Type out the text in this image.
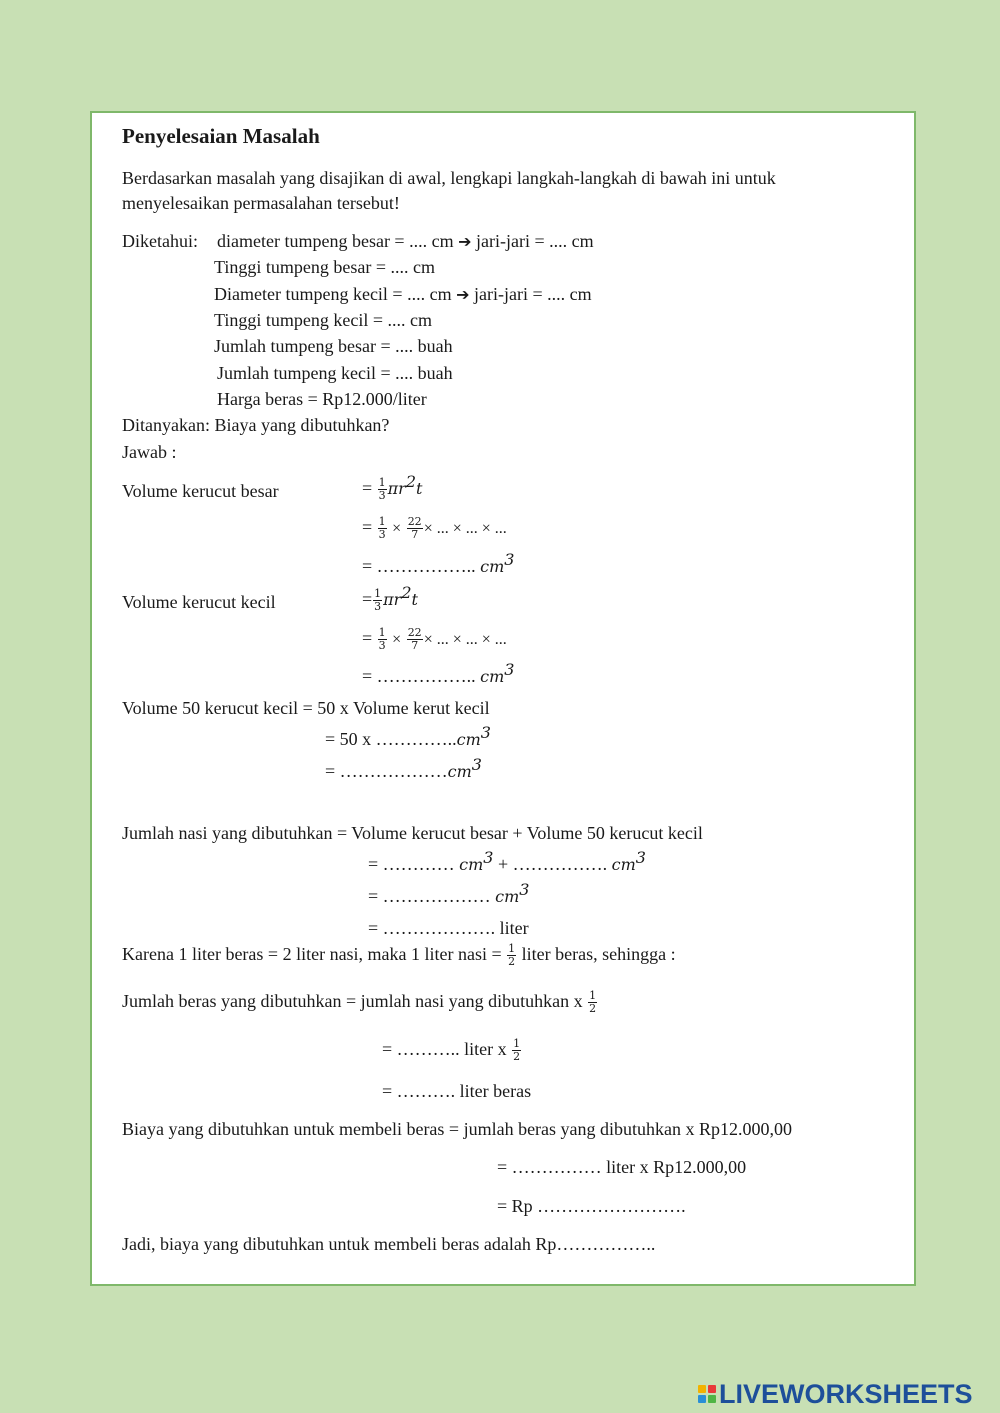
Penyelesaian Masalah
Berdasarkan masalah yang disajikan di awal, lengkapi langkah-langkah di bawah ini untuk
menyelesaikan permasalahan tersebut!
Diketahui: diameter tumpeng besar = .... cm ➔ jari-jari = .... cm
Tinggi tumpeng besar = .... cm
Diameter tumpeng kecil = .... cm ➔ jari-jari = .... cm
Tinggi tumpeng kecil = .... cm
Jumlah tumpeng besar = .... buah
Jumlah tumpeng kecil = .... buah
Harga beras = Rp12.000/liter
Ditanyakan: Biaya yang dibutuhkan?
Jawab :
Volume kerucut besar	= $\frac{1}{3} \pi r^2t$
= $\frac{1}{3} \times \frac{22}{7}$ × ... × ... × ...
= …………….. $cm^3$
Volume kerucut kecil	= $\frac{1}{3} \pi r^2t$
= $\frac{1}{3} \times \frac{22}{7}$ × ... × ... × ...
= …………….. $cm^3$
Volume 50 kerucut kecil = 50 x Volume kerut kecil
= 50 x $\dots\dots\dots\dots..cm^3$
= $\dots\dots\dots\dots\dots\dots cm^3$
Jumlah nasi yang dibutuhkan = Volume kerucut besar + Volume 50 kerucut kecil
= ………… $cm^3$ + ……………. $cm^3$
= ……………… $cm^3$
= ………………. liter
Karena 1 liter beras = 2 liter nasi, maka 1 liter nasi = $\frac{1}{2}$ liter beras, sehingga :
Jumlah beras yang dibutuhkan = jumlah nasi yang dibutuhkan x $\frac{1}{2}$
= ……….. liter x $\frac{1}{2}$
= ………. liter beras
Biaya yang dibutuhkan untuk membeli beras = jumlah beras yang dibutuhkan x Rp12.000,00
= …………… liter x Rp12.000,00
= Rp …………………….
Jadi, biaya yang dibutuhkan untuk membeli beras adalah Rp……………..
LIVEWORKSHEETS
